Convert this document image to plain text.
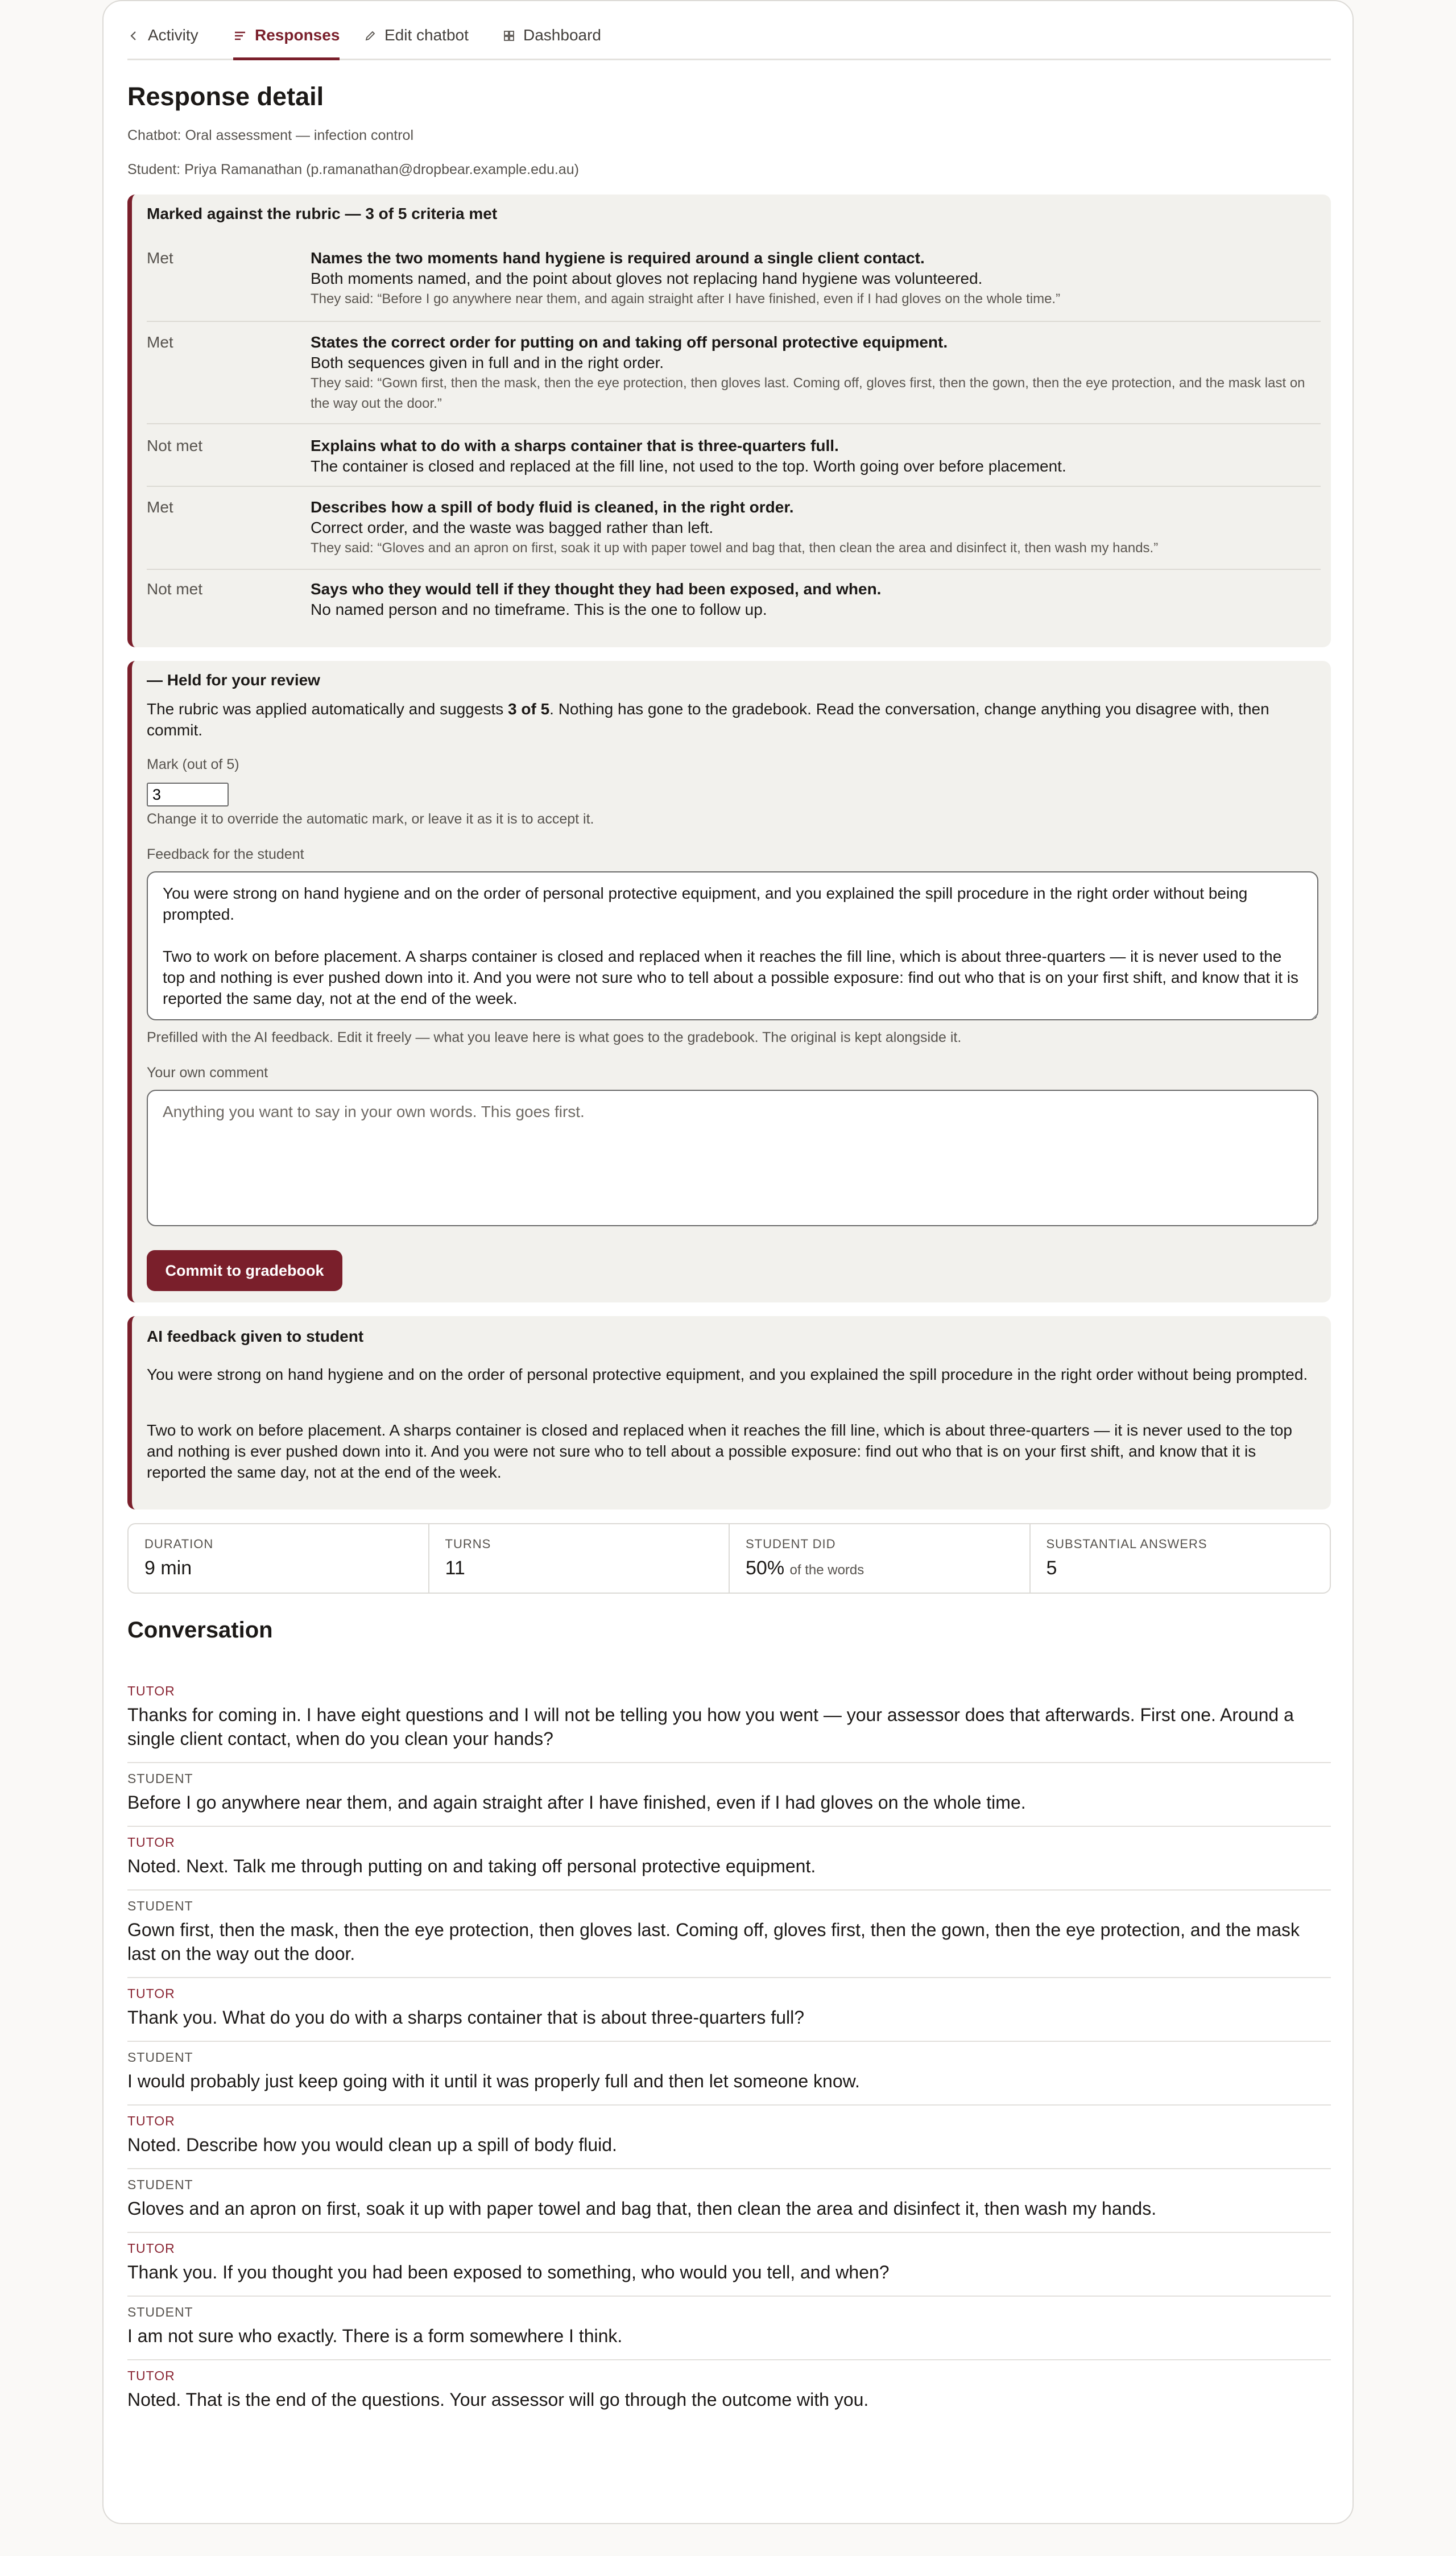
Activity	Responses	Edit chatbot	Dashboard
Response detail
Chatbot: Oral assessment — infection control
Student: Priya Ramanathan (p.ramanathan@dropbear.example.edu.au)
Marked against the rubric — 3 of 5 criteria met
Met	Names the two moments hand hygiene is required around a single client contact.
Both moments named, and the point about gloves not replacing hand hygiene was volunteered.
They said: “Before I go anywhere near them, and again straight after I have finished, even if I had gloves on the whole time.”
Met	States the correct order for putting on and taking off personal protective equipment.
Both sequences given in full and in the right order.
They said: “Gown first, then the mask, then the eye protection, then gloves last. Coming off, gloves first, then the gown, then the eye protection, and the mask last on the way out the door.”
Not met	Explains what to do with a sharps container that is three-quarters full.
The container is closed and replaced at the fill line, not used to the top. Worth going over before placement.
Met	Describes how a spill of body fluid is cleaned, in the right order.
Correct order, and the waste was bagged rather than left.
They said: “Gloves and an apron on first, soak it up with paper towel and bag that, then clean the area and disinfect it, then wash my hands.”
Not met	Says who they would tell if they thought they had been exposed, and when.
No named person and no timeframe. This is the one to follow up.
— Held for your review
The rubric was applied automatically and suggests 3 of 5. Nothing has gone to the gradebook. Read the conversation, change anything you disagree with, then commit.
Mark (out of 5)
3
Change it to override the automatic mark, or leave it as it is to accept it.
Feedback for the student
You were strong on hand hygiene and on the order of personal protective equipment, and you explained the spill procedure in the right order without being prompted. Two to work on before placement. A sharps container is closed and replaced when it reaches the fill line, which is about three-quarters — it is never used to the top and nothing is ever pushed down into it. And you were not sure who to tell about a possible exposure: find out who that is on your first shift, and know that it is reported the same day, not at the end of the week.
Prefilled with the AI feedback. Edit it freely — what you leave here is what goes to the gradebook. The original is kept alongside it.
Your own comment
Anything you want to say in your own words. This goes first.
Commit to gradebook
AI feedback given to student
You were strong on hand hygiene and on the order of personal protective equipment, and you explained the spill procedure in the right order without being prompted.
Two to work on before placement. A sharps container is closed and replaced when it reaches the fill line, which is about three-quarters — it is never used to the top and nothing is ever pushed down into it. And you were not sure who to tell about a possible exposure: find out who that is on your first shift, and know that it is reported the same day, not at the end of the week.
DURATION
9 min
TURNS
11
STUDENT DID
50% of the words
SUBSTANTIAL ANSWERS
5
Conversation
TUTOR
Thanks for coming in. I have eight questions and I will not be telling you how you went — your assessor does that afterwards. First one. Around a single client contact, when do you clean your hands?
STUDENT
Before I go anywhere near them, and again straight after I have finished, even if I had gloves on the whole time.
TUTOR
Noted. Next. Talk me through putting on and taking off personal protective equipment.
STUDENT
Gown first, then the mask, then the eye protection, then gloves last. Coming off, gloves first, then the gown, then the eye protection, and the mask last on the way out the door.
TUTOR
Thank you. What do you do with a sharps container that is about three-quarters full?
STUDENT
I would probably just keep going with it until it was properly full and then let someone know.
TUTOR
Noted. Describe how you would clean up a spill of body fluid.
STUDENT
Gloves and an apron on first, soak it up with paper towel and bag that, then clean the area and disinfect it, then wash my hands.
TUTOR
Thank you. If you thought you had been exposed to something, who would you tell, and when?
STUDENT
I am not sure who exactly. There is a form somewhere I think.
TUTOR
Noted. That is the end of the questions. Your assessor will go through the outcome with you.
